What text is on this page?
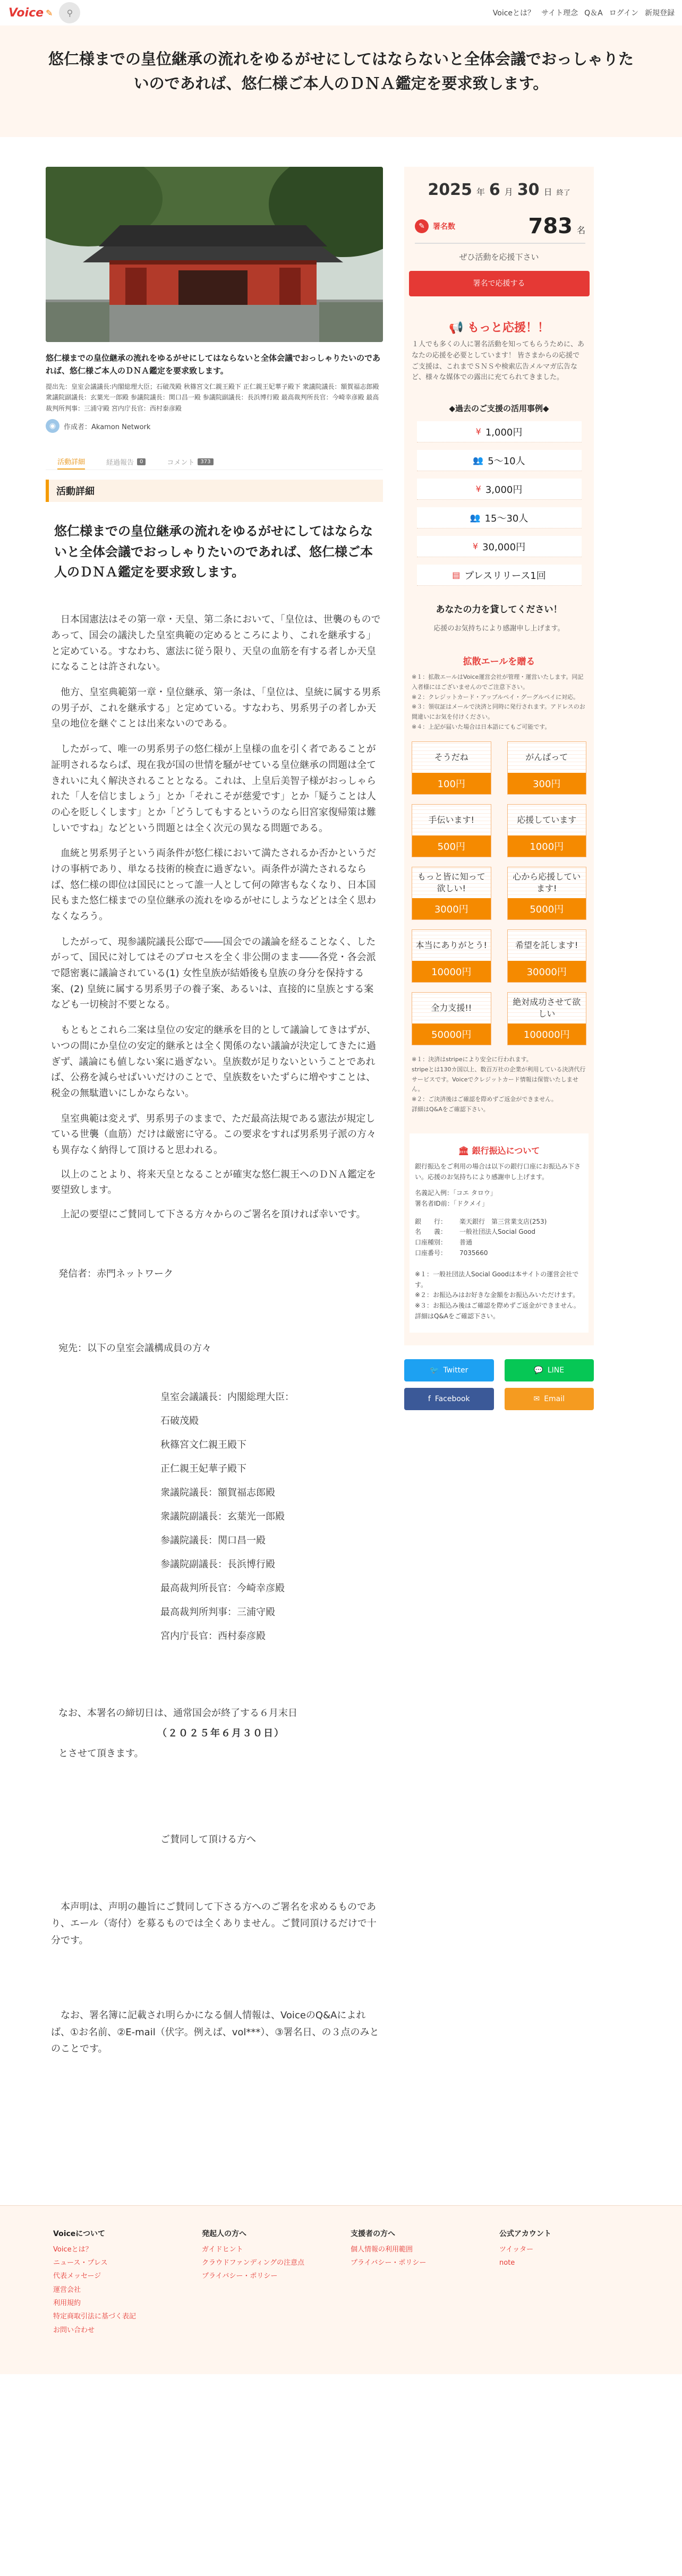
Voice ✎	⚲	Voiceとは？ サイト理念 Q＆A ログイン 新規登録
悠仁様までの皇位継承の流れをゆるがせにしてはならないと全体会議でおっしゃりたいのであれば、悠仁様ご本人のＤＮＡ鑑定を要求致します。

悠仁様までの皇位継承の流れをゆるがせにしてはならないと全体会議でおっしゃりたいのであれば、悠仁様ご本人のＤＮＡ鑑定を要求致します。

提出先：皇室会議議長:内閣総理大臣；石破茂殿 秋篠宮文仁親王殿下 正仁親王妃華子殿下 衆議院議長：額賀福志郎殿 衆議院副議長：玄葉光一郎殿 参議院議長：関口昌一殿 参議院副議長：長浜博行殿 最高裁判所長官：今崎幸彦殿 最高裁判所判事：三浦守殿 宮内庁長官：西村泰彦殿

◉	作成者：Akamon Network
活動詳細	経過報告	0	コメント	373
活動詳細

悠仁様までの皇位継承の流れをゆるがせにしてはならないと全体会議でおっしゃりたいのであれば、悠仁様ご本人のＤＮＡ鑑定を要求致します。

日本国憲法はその第一章・天皇、第二条において、「皇位は、世襲のものであって、国会の議決した皇室典範の定めるところにより、これを継承する」と定めている。すなわち、憲法に従う限り、天皇の血筋を有する者しか天皇になることは許されない。

他方、皇室典範第一章・皇位継承、第一条は、「皇位は、皇統に属する男系の男子が、これを継承する」と定めている。すなわち、男系男子の者しか天皇の地位を継ぐことは出来ないのである。

したがって、唯一の男系男子の悠仁様が上皇様の血を引く者であることが証明されるならば、現在我が国の世情を騒がせている皇位継承の問題は全てきれいに丸く解決されることとなる。これは、上皇后美智子様がおっしゃられた「人を信じましょう」とか「それこそが慈愛です」とか「疑うことは人の心を貶しくします」とか「どうしてもするというのなら旧宮家復帰策は難しいですね」などという問題とは全く次元の異なる問題である。

血統と男系男子という両条件が悠仁様において満たされるか否かというだけの事柄であり、単なる技術的検査に過ぎない。両条件が満たされるならば、悠仁様の即位は国民にとって誰一人として何の障害もなくなり、日本国民もまた悠仁様までの皇位継承の流れをゆるがせにしようなどとは全く思わなくなろう。

したがって、現参議院議長公邸で――国会での議論を経ることなく、したがって、国民に対してはそのプロセスを全く非公開のまま――各党・各会派で隠密裏に議論されている(1) 女性皇族が結婚後も皇族の身分を保持する案、(2) 皇統に属する男系男子の養子案、あるいは、直接的に皇族とする案なども一切検討不要となる。

もともとこれら二案は皇位の安定的継承を目的として議論してきはずが、いつの間にか皇位の安定的継承とは全く関係のない議論が決定してきたに過ぎず、議論にも値しない案に過ぎない。皇族数が足りないということであれば、公務を減らせばいいだけのことで、皇族数をいたずらに増やすことは、税金の無駄遣いにしかならない。

皇室典範は変えず、男系男子のままで、ただ最高法規である憲法が規定している世襲（血筋）だけは厳密に守る。この要求をすれば男系男子派の方々も異存なく納得して頂けると思われる。

以上のことより、将来天皇となることが確実な悠仁親王へのＤＮＡ鑑定を要望致します。

上記の要望にご賛同して下さる方々からのご署名を頂ければ幸いです。

発信者：赤門ネットワーク

宛先：以下の皇室会議構成員の方々

皇室会議議長：内閣総理大臣：
石破茂殿
秋篠宮文仁親王殿下
正仁親王妃華子殿下
衆議院議長：額賀福志郎殿
衆議院副議長：玄葉光一郎殿
参議院議長：関口昌一殿
参議院副議長：長浜博行殿
最高裁判所長官：今崎幸彦殿
最高裁判所判事：三浦守殿
宮内庁長官：西村泰彦殿

なお、本署名の締切日は、通常国会が終了する６月末日

（２０２５年６月３０日）

とさせて頂きます。

ご賛同して頂ける方へ

本声明は、声明の趣旨にご賛同して下さる方へのご署名を求めるものであり、エール（寄付）を募るものでは全くありません。ご賛同頂けるだけで十分です。

なお、署名簿に記載され明らかになる個人情報は、VoiceのQ&Aによれば、①お名前、②E-mail（伏字。例えば、vol***）、③署名日、の３点のみとのことです。

2025 年 6 月 30 日 終了
✎	署名数	783 名

ぜひ活動を応援下さい

署名で応援する
📢 もっと応援！！

１人でも多くの人に署名活動を知ってもらうために、あなたの応援を必要としています！ 皆さまからの応援でご支援は、これまでＳＮＳや検索広告メルマガ広告など、様々な媒体での露出に充てられてきました。

◆過去のご支援の活用事例◆

¥ 1,000円
👥 5〜10人
¥ 3,000円
👥 15〜30人
¥ 30,000円
▤ プレスリリース1回

あなたの力を貸してください！

応援のお気持ちにより感謝申し上げます。

拡散エールを贈る

※１：拡散エールはVoice運営会社が管理・運営いたします。同記入者様にはございませんのでご注意下さい。
※２：クレジットカード・アップルペイ・グーグルペイに対応。
※３：領収証はメールで決済と同時に発行されます。アドレスのお間違いにお気を付けください。
※４：上記が届いた場合は日本語にてもご可能です。
そうだね
100円
がんばって
300円
手伝います!
500円
応援しています
1000円
もっと皆に知って欲しい!
3000円
心から応援しています!
5000円
本当にありがとう!
10000円
希望を託します!
30000円
全力支援!!
50000円
絶対成功させて欲しい
100000円

※１：決済はstripeにより安全に行われます。

stripeとは130カ国以上、数百万社の企業が利用している決済代行サービスです。Voiceでクレジットカード情報は保管いたしません。

※２：ご決済後はご確認を際めずご返金ができません。

詳細はQ&Aをご確認下さい。

🏛 銀行振込について

銀行振込をご利用の場合は以下の銀行口座にお振込み下さい。応援のお気持ちにより感謝申し上げます。

名義記入例：「コエ タロウ」

署名者ID前：「ドクメイ」

銀　　行： 楽天銀行　第三営業支店(253)

名　　義： 一般社団法人Social Good

口座種別： 普通

口座番号： 7035660

※１：一般社団法人Social Goodは本サイトの運営会社です。

※２：お振込みはお好きな金額をお振込みいただけます。

※３：お振込み後はご確認を際めずご返金ができません。詳細はQ&Aをご確認下さい。

🐦 Twitter	💬 LINE
f Facebook	✉ Email
Voiceについて
Voiceとは？
ニュース・プレス
代表メッセージ
運営会社
利用規約
特定商取引法に基づく表記
お問い合わせ
発起人の方へ
ガイドヒント
クラウドファンディングの注意点
プライバシー・ポリシー
支援者の方へ
個人情報の利用範囲
プライバシー・ポリシー
公式アカウント
ツイッター
note
